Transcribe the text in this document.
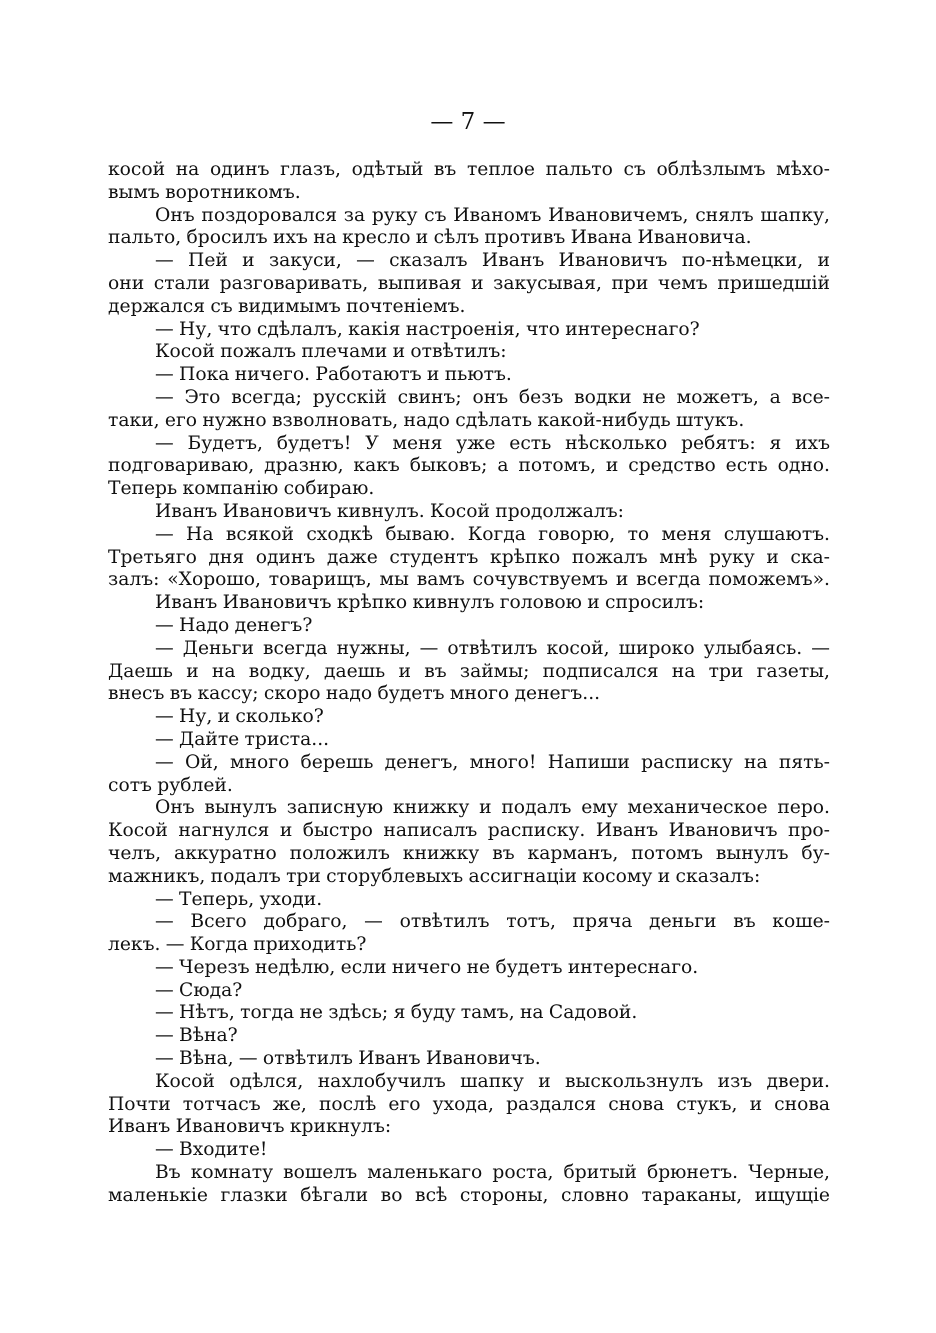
— 7 —
косой на одинъ глазъ, одѣтый въ теплое пальто съ облѣзлымъ мѣхо-
вымъ воротникомъ.
Онъ поздоровался за руку съ Иваномъ Ивановичемъ, снялъ шапку,
пальто, бросилъ ихъ на кресло и сѣлъ противъ Ивана Ивановича.
— Пей и закуси, — сказалъ Иванъ Ивановичъ по-нѣмецки, и
они стали разговаривать, выпивая и закусывая, при чемъ пришедшій
держался съ видимымъ почтеніемъ.
— Ну, что сдѣлалъ, какія настроенія, что интереснаго?
Косой пожалъ плечами и отвѣтилъ:
— Пока ничего. Работаютъ и пьютъ.
— Это всегда; русскій свинъ; онъ безъ водки не можетъ, а все-
таки, его нужно взволновать, надо сдѣлать какой-нибудь штукъ.
— Будетъ, будетъ! У меня уже есть нѣсколько ребятъ: я ихъ
подговариваю, дразню, какъ быковъ; а потомъ, и средство есть одно.
Теперь компанію собираю.
Иванъ Ивановичъ кивнулъ. Косой продолжалъ:
— На всякой сходкѣ бываю. Когда говорю, то меня слушаютъ.
Третьяго дня одинъ даже студентъ крѣпко пожалъ мнѣ руку и ска-
залъ: «Хорошо, товарищъ, мы вамъ сочувствуемъ и всегда поможемъ».
Иванъ Ивановичъ крѣпко кивнулъ головою и спросилъ:
— Надо денегъ?
— Деньги всегда нужны, — отвѣтилъ косой, широко улыбаясь. —
Даешь и на водку, даешь и въ займы; подписался на три газеты,
внесъ въ кассу; скоро надо будетъ много денегъ...
— Ну, и сколько?
— Дайте триста...
— Ой, много берешь денегъ, много! Напиши расписку на пять-
сотъ рублей.
Онъ вынулъ записную книжку и подалъ ему механическое перо.
Косой нагнулся и быстро написалъ расписку. Иванъ Ивановичъ про-
челъ, аккуратно положилъ книжку въ карманъ, потомъ вынулъ бу-
мажникъ, подалъ три сторублевыхъ ассигнаціи косому и сказалъ:
— Теперь, уходи.
— Всего добраго, — отвѣтилъ тотъ, пряча деньги въ коше-
лекъ. — Когда приходить?
— Черезъ недѣлю, если ничего не будетъ интереснаго.
— Сюда?
— Нѣтъ, тогда не здѣсь; я буду тамъ, на Садовой.
— Вѣна?
— Вѣна, — отвѣтилъ Иванъ Ивановичъ.
Косой одѣлся, нахлобучилъ шапку и выскользнулъ изъ двери.
Почти тотчасъ же, послѣ его ухода, раздался снова стукъ, и снова
Иванъ Ивановичъ крикнулъ:
— Входите!
Въ комнату вошелъ маленькаго роста, бритый брюнетъ. Черные,
маленькіе глазки бѣгали во всѣ стороны, словно тараканы, ищущіе
